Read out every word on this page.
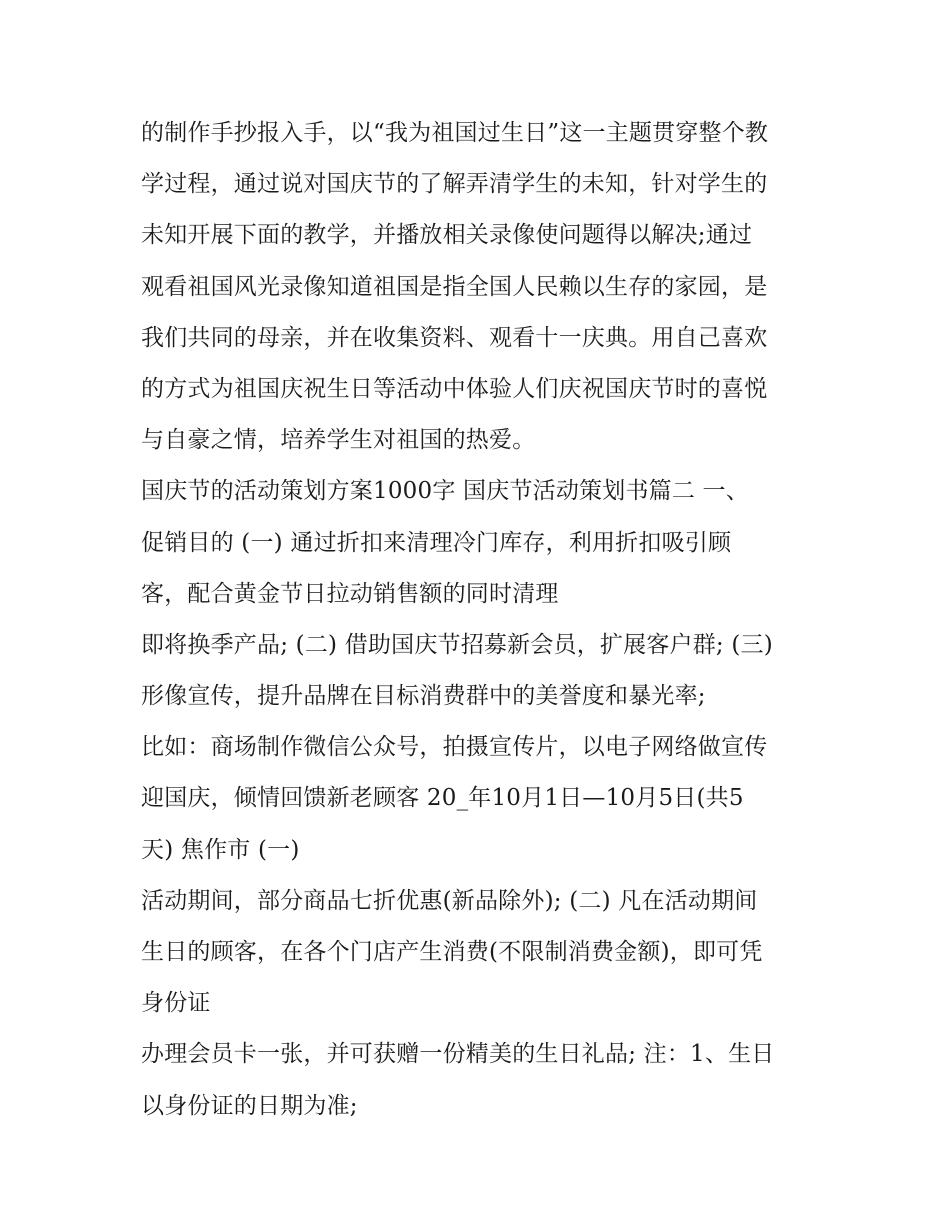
的制作手抄报入手，以“我为祖国过生日”这一主题贯穿整个教
学过程，通过说对国庆节的了解弄清学生的未知，针对学生的
未知开展下面的教学，并播放相关录像使问题得以解决;通过
观看祖国风光录像知道祖国是指全国人民赖以生存的家园，是
我们共同的母亲，并在收集资料、观看十一庆典。用自己喜欢
的方式为祖国庆祝生日等活动中体验人们庆祝国庆节时的喜悦
与自豪之情，培养学生对祖国的热爱。
国庆节的活动策划方案1000字 国庆节活动策划书篇二 一、
促销目的 (一) 通过折扣来清理冷门库存，利用折扣吸引顾
客，配合黄金节日拉动销售额的同时清理
即将换季产品; (二) 借助国庆节招募新会员，扩展客户群; (三)
形像宣传，提升品牌在目标消费群中的美誉度和暴光率;
比如：商场制作微信公众号，拍摄宣传片，以电子网络做宣传
迎国庆，倾情回馈新老顾客 20_年10月1日—10月5日(共5
天) 焦作市 (一)
活动期间，部分商品七折优惠(新品除外); (二) 凡在活动期间
生日的顾客，在各个门店产生消费(不限制消费金额)，即可凭
身份证
办理会员卡一张，并可获赠一份精美的生日礼品; 注：1、生日
以身份证的日期为准;
